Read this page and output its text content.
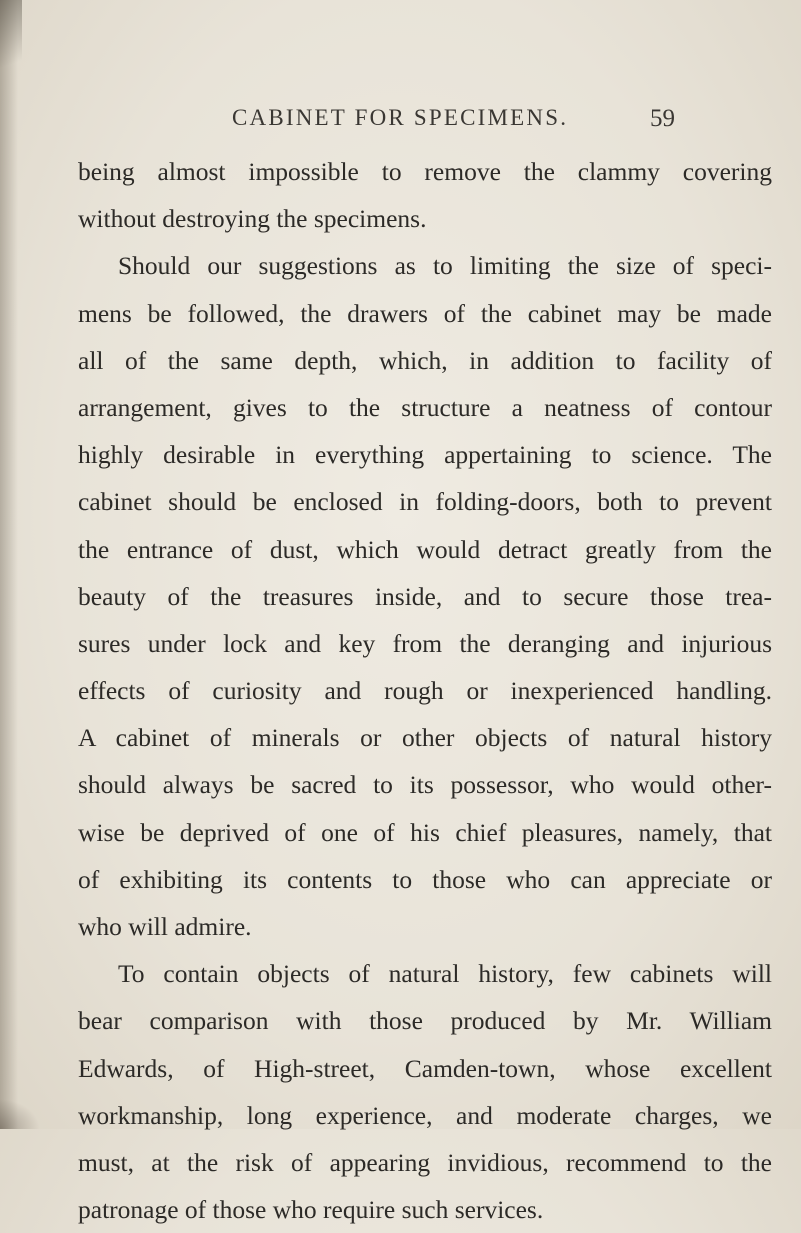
CABINET FOR SPECIMENS.	59
being almost impossible to remove the clammy covering
without destroying the specimens.
Should our suggestions as to limiting the size of speci-
mens be followed, the drawers of the cabinet may be made
all of the same depth, which, in addition to facility of
arrangement, gives to the structure a neatness of contour
highly desirable in everything appertaining to science. The
cabinet should be enclosed in folding-doors, both to prevent
the entrance of dust, which would detract greatly from the
beauty of the treasures inside, and to secure those trea-
sures under lock and key from the deranging and injurious
effects of curiosity and rough or inexperienced handling.
A cabinet of minerals or other objects of natural history
should always be sacred to its possessor, who would other-
wise be deprived of one of his chief pleasures, namely, that
of exhibiting its contents to those who can appreciate or
who will admire.
To contain objects of natural history, few cabinets will
bear comparison with those produced by Mr. William
Edwards, of High-street, Camden-town, whose excellent
workmanship, long experience, and moderate charges, we
must, at the risk of appearing invidious, recommend to the
patronage of those who require such services.
